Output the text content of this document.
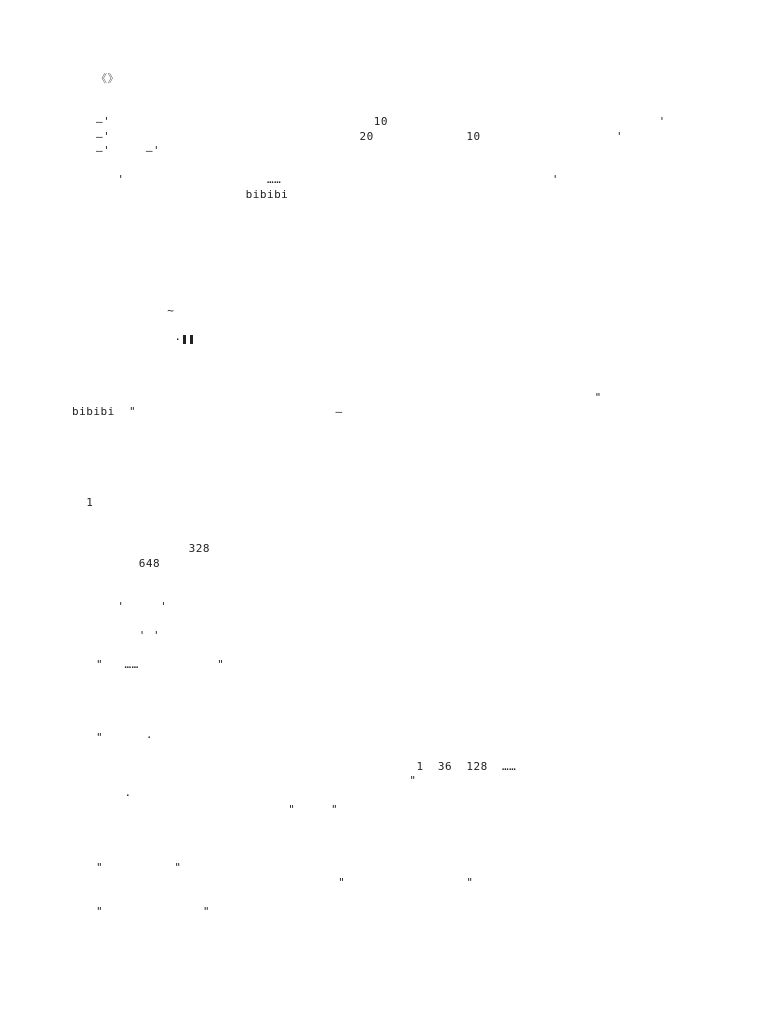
《》
—'                                     10                                      '
—'                                   20             10                   '
—'     —'
'                    ……                                      '
bibibi
~
·
"
bibibi  "                            —
1
328
648
'     '
' '
"   ……           "
"      ·
1  36  128  ……
"
·
"     "
"          "
"                 "
"              "
